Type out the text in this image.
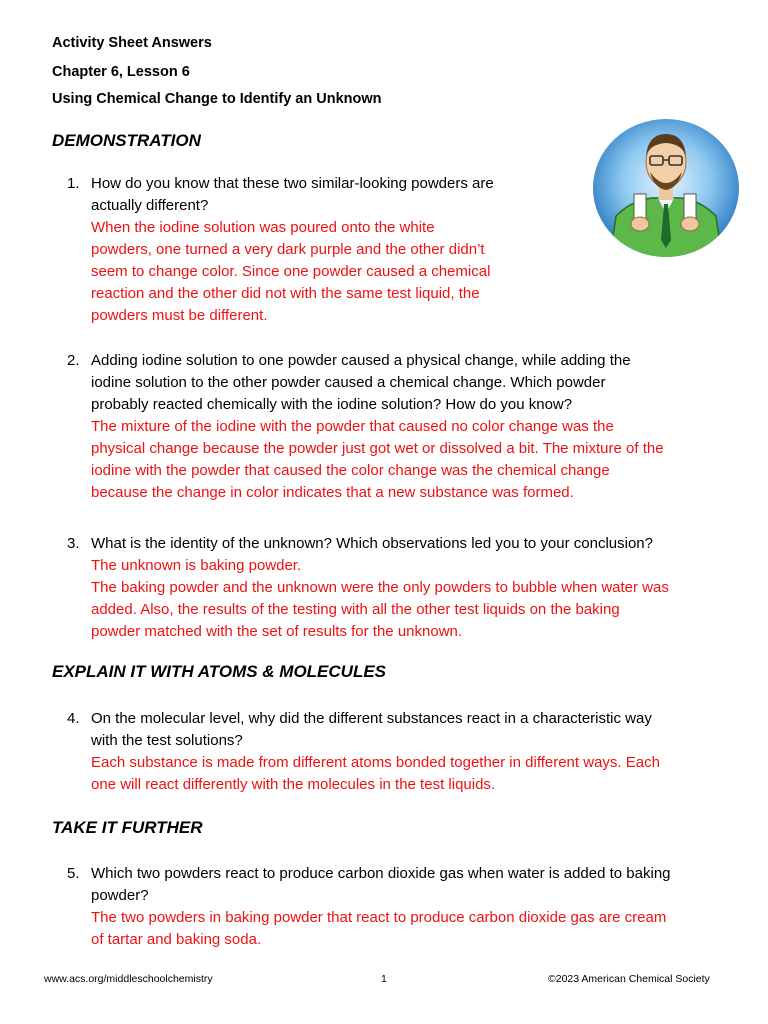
Activity Sheet Answers
Chapter 6, Lesson 6
Using Chemical Change to Identify an Unknown
DEMONSTRATION
1. How do you know that these two similar-looking powders are
actually different?
When the iodine solution was poured onto the white
powders, one turned a very dark purple and the other didn’t
seem to change color. Since one powder caused a chemical
reaction and the other did not with the same test liquid, the
powders must be different.
2. Adding iodine solution to one powder caused a physical change, while adding the
iodine solution to the other powder caused a chemical change. Which powder
probably reacted chemically with the iodine solution? How do you know?
The mixture of the iodine with the powder that caused no color change was the
physical change because the powder just got wet or dissolved a bit. The mixture of the
iodine with the powder that caused the color change was the chemical change
because the change in color indicates that a new substance was formed.
3. What is the identity of the unknown? Which observations led you to your conclusion?
The unknown is baking powder.
The baking powder and the unknown were the only powders to bubble when water was
added. Also, the results of the testing with all the other test liquids on the baking
powder matched with the set of results for the unknown.
EXPLAIN IT WITH ATOMS & MOLECULES
4. On the molecular level, why did the different substances react in a characteristic way
with the test solutions?
Each substance is made from different atoms bonded together in different ways. Each
one will react differently with the molecules in the test liquids.
TAKE IT FURTHER
5. Which two powders react to produce carbon dioxide gas when water is added to baking
powder?
The two powders in baking powder that react to produce carbon dioxide gas are cream
of tartar and baking soda.
www.acs.org/middleschoolchemistry	1	©2023 American Chemical Society
